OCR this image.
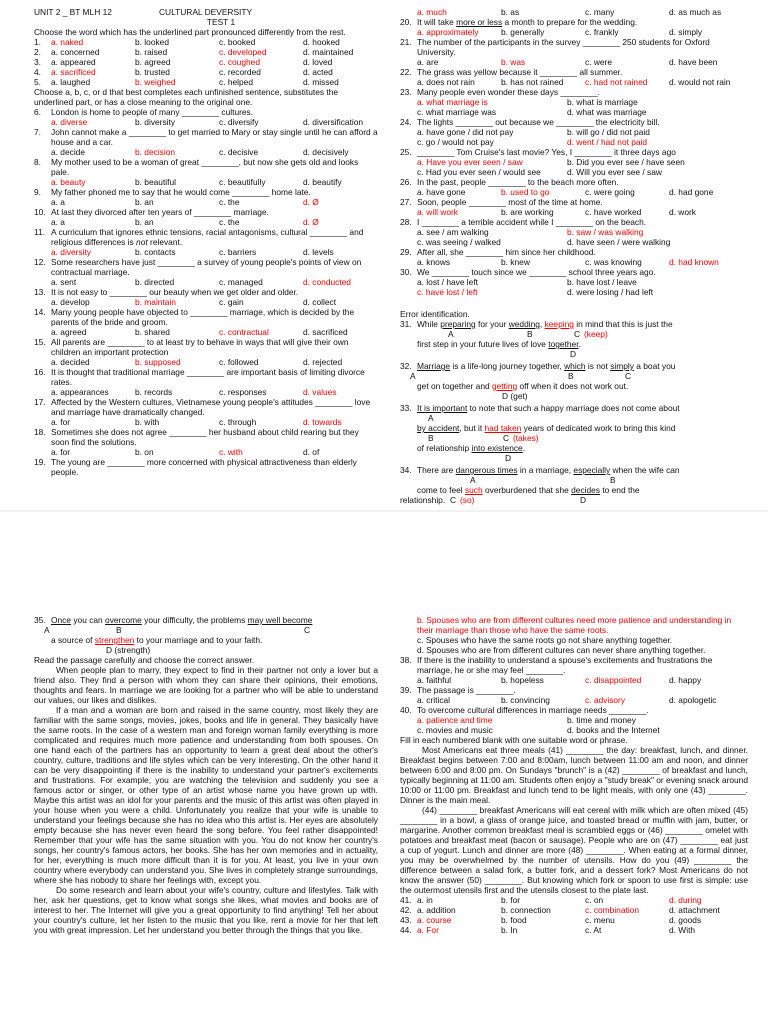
UNIT 2 _ BT MLH 12	CULTURAL DEVERSITY
TEST 1
Choose the word which has the underlined part pronounced differently from the rest.
1.	a. naked	b. looked	c. booked	d. hooked
2.	a. concerned	b. raised	c. developed	d. maintained
3.	a. appeared	b. agreed	c. coughed	d. loved
4.	a. sacrificed	b. trusted	c. recorded	d. acted
5.	a. laughed	b. weighed	c. helped	d. missed
Choose a, b, c, or d that best completes each unfinished sentence, substitutes the underlined part, or has a close meaning to the original one.
6.	London is home to people of many ________ cultures.
a. diverse	b. diversity	c. diversify	d. diversification
7.	John cannot make a ________ to get married to Mary or stay single until he can afford a house and a car.
a. decide	b. decision	c. decisive	d. decisively
8.	My mother used to be a woman of great ________, but now she gets old and looks pale.
a. beauty	b. beautiful	c. beautifully	d. beautify
9.	My father phoned me to say that he would come ________ home late.
a. a	b. an	c. the	d. Ø
10. At last they divorced after ten years of ________ marriage.
a. a	b. an	c. the	d. Ø
11. A curriculum that ignores ethnic tensions, racial antagonisms, cultural ________ and religious differences is not relevant.
a. diversity	b. contacts	c. barriers	d. levels
12. Some researchers have just ________ a survey of young people's points of view on contractual marriage.
a. sent	b. directed	c. managed	d. conducted
13. It is not easy to ________ our beauty when we get older and older.
a. develop	b. maintain	c. gain	d. collect
14. Many young people have objected to ________ marriage, which is decided by the parents of the bride and groom.
a. agreed	b. shared	c. contractual	d. sacrificed
15. All parents are ________ to at least try to behave in ways that will give their own children an important protection
a. decided	b. supposed	c. followed	d. rejected
16. It is thought that traditional marriage ________ are important basis of limiting divorce rates.
a. appearances	b. records	c. responses	d. values
17. Affected by the Western cultures, Vietnamese young people's attitudes ________ love and marriage have dramatically changed.
a. for	b. with	c. through	d. towards
18. Sometimes she does not agree ________ her husband about child rearing but they soon find the solutions.
a. for	b. on	c. with	d. of
19. The young are ________ more concerned with physical attractiveness than elderly people.
a. much	b. as	c. many	d. as much as
20. It will take more or less a month to prepare for the wedding.
a. approximately	b. generally	c. frankly	d. simply
21. The number of the participants in the survey ________ 250 students for Oxford University.
a. are	b. was	c. were	d. have been
22. The grass was yellow because it ________ all summer.
a. does not rain	b. has not rained	c. had not rained	d. would not rain
23. Many people even wonder these days ________.
a. what marriage is	b. what is marriage
c. what marriage was	d. what was marriage
24. The lights ________ out because we ________ the electricity bill.
a. have gone / did not pay	b. will go / did not paid
c. go / would not pay	d. went / had not paid
25. ________ Tom Cruise's last movie? Yes, I ________ it three days ago
a. Have you ever seen / saw	b. Did you ever see / have seen
c. Had you ever seen / would see	d. Will you ever see / saw
26. In the past, people ________ to the beach more often.
a. have gone	b. used to go	c. were going	d. had gone
27. Soon, people ________ most of the time at home.
a. will work	b. are working	c. have worked	d. work
28. I ________ a terrible accident while I ________ on the beach.
a. see / am walking	b. saw / was walking
c. was seeing / walked	d. have seen / were walking
29. After all, she ________ him since her childhood.
a. knows	b. knew	c. was knowing	d. had known
30. We ________ touch since we ________ school three years ago.
a. lost / have left	b. have lost / leave
c. have lost / left	d. were losing / had left
Error identification.
31. While preparing for your wedding, keeping in mind that this is just the
A	B	C (keep)
first step in your future lives of love together.
D
32. Marriage is a life-long journey together, which is not simply a boat you
A	B	C
get on together and getting off when it does not work out.
D (get)
33. It is important to note that such a happy marriage does not come about
A
by accident, but it had taken years of dedicated work to bring this kind
B	C (takes)
of relationship into existence.
D
34. There are dangerous times in a marriage, especially when the wife can
A	B
come to feel such overburdened that she decides to end the
relationship. C (so)	D
35. Once you can overcome your difficulty, the problems may well become
A	B	C
a source of strengthen to your marriage and to your faith.
D (strength)
Read the passage carefully and choose the correct answer.

When people plan to marry, they expect to find in their partner not only a lover but a friend also. They find a person with whom they can share their opinions, their emotions, thoughts and fears. In marriage we are looking for a partner who will be able to understand our values, our likes and dislikes.

If a man and a woman are born and raised in the same country, most likely they are familiar with the same songs, movies, jokes, books and life in general. They basically have the same roots. In the case of a western man and foreign woman family everything is more complicated and requires much more patience and understanding from both spouses. On one hand each of the partners has an opportunity to learn a great deal about the other's country, culture, traditions and life styles which can be very interesting. On the other hand it can be very disappointing if there is the inability to understand your partner's excitements and frustrations. For example, you are watching the television and suddenly you see a famous actor or singer, or other type of an artist whose name you have grown up with. Maybe this artist was an idol for your parents and the music of this artist was often played in your house when you were a child. Unfortunately you realize that your wife is unable to understand your feelings because she has no idea who this artist is. Her eyes are absolutely empty because she has never even heard the song before. You feel rather disappointed! Remember that your wife has the same situation with you. You do not know her country's songs, her country's famous actors, her books. She has her own memories and in actuality, for her, everything is much more difficult than it is for you. At least, you live in your own country where everybody can understand you. She lives in completely strange surroundings, where she has nobody to share her feelings with, except you.

Do some research and learn about your wife's country, culture and lifestyles. Talk with her, ask her questions, get to know what songs she likes, what movies and books are of interest to her. The Internet will give you a great opportunity to find anything! Tell her about your country's culture, let her listen to the music that you like, rent a movie for her that left you with great impression. Let her understand you better through the things that you like.

b. Spouses who are from different cultures need more patience and understanding in their marriage than those who have the same roots.
c. Spouses who have the same roots go not share anything together.
d. Spouses who are from different cultures can never share anything together.
38. If there is the inability to understand a spouse's excitements and frustrations the marriage, he or she may feel ________.
a. faithful	b. hopeless	c. disappointed	d. happy
39. The passage is ________.
a. critical	b. convincing	c. advisory	d. apologetic
40. To overcome cultural differences in marriage needs ________.
a. patience and time	b. time and money
c. movies and music	d. books and the Internet
Fill in each numbered blank with one suitable word or phrase.

Most Americans eat three meals (41) ________ the day: breakfast, lunch, and dinner. Breakfast begins between 7:00 and 8:00am, lunch between 11:00 am and noon, and dinner between 6:00 and 8:00 pm. On Sundays "brunch" is a (42) ________ of breakfast and lunch, typically beginning at 11:00 am. Students often enjoy a "study break" or evening snack around 10:00 or 11:00 pm. Breakfast and lunch tend to be light meals, with only one (43) ________. Dinner is the main meal.

(44) ________ breakfast Americans will eat cereal with milk which are often mixed (45) ________ in a bowl, a glass of orange juice, and toasted bread or muffin with jam, butter, or margarine. Another common breakfast meal is scrambled eggs or (46) ________ omelet with potatoes and breakfast meat (bacon or sausage). People who are on (47) ________ eat just a cup of yogurt. Lunch and dinner are more (48) ________. When eating at a formal dinner, you may be overwhelmed by the number of utensils. How do you (49) ________ the difference between a salad fork, a butter fork, and a dessert fork? Most Americans do not know the answer (50) ________. But knowing which fork or spoon to use first is simple: use the outermost utensils first and the utensils closest to the plate last.

41. a. in	b. for	c. on	d. during
42. a. addition	b. connection	c. combination	d. attachment
43. a. course	b. food	c. menu	d. goods
44. a. For	b. In	c. At	d. With
